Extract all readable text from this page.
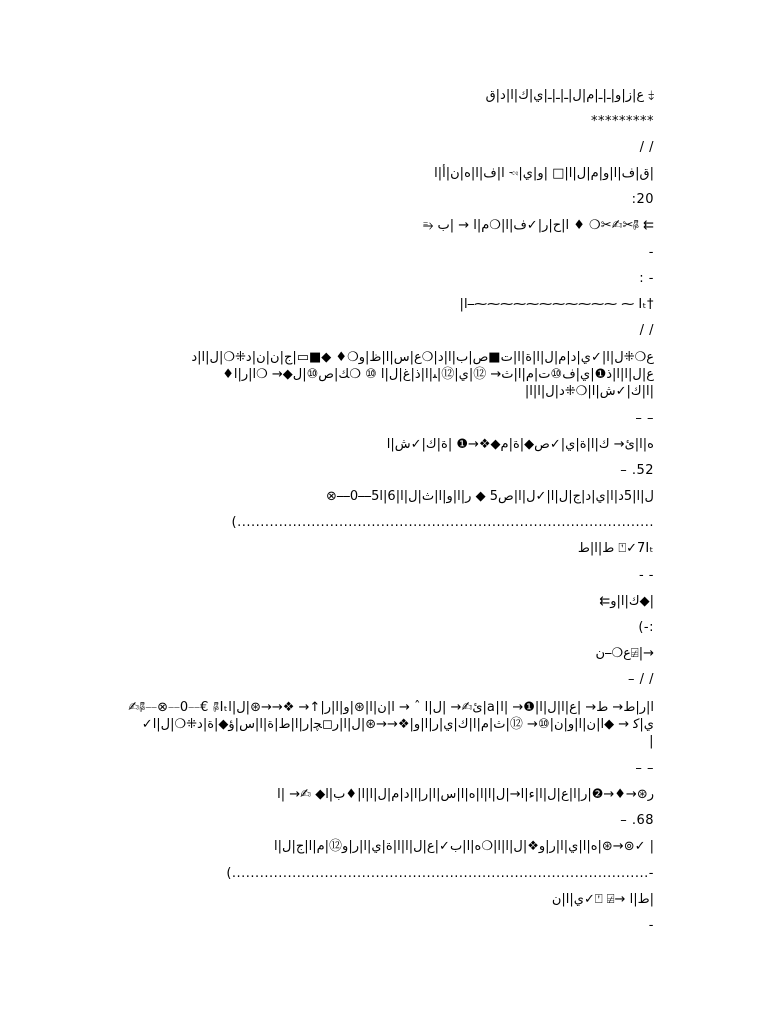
ع|ز|و|ـ|ـ|م|ل|ـ|ـ|ـ|ي|ك|ا|د|ق ⤈
*********
/ /
ق|ف|ا|و|م|ل|ا|□ |و|ي|🖘 ا|ف|ا|ه|ن|أ|ا|
:20
⥱ ا|ح|ر|✓ف|ا|❍م|ا → |ب ♦ ❍✂✍✂🖗 ⇇
-
: -
|ا⎯⁓⁓⁓⁓⁓⁓⁓⁓⁓⁓⁓ ⁓ Iₜ†
/ /
ﻉ❍⁜ل|ا|✓ي|د|م|ل|ا|ة|ا|ت■ص|ب|ا|د|❍ع|س|ا|ظ|و❍♦ ◆■▭|ج|ن|ن|د⁜❍|ل|ا|د
♦ع|ل|ا|ا|ذ❶|ي|ف⑩ت|م|ا|ث→ ⑫|ي|⑫|ﯩ|ا|ذ|غ|ل|ا ⑩ ❍ﻚ|ص⑩|ل◆→ ❍ا|ر|ا
|ا|ك|✓ش|ا|❍⁜د|ل|ا|ا|
– –
ه|ا|ئ→ ك|ا|ة|ي|✓ص◆|ة|م◆❖→❶ |ة|ك|✓ش|ا
– .52
⊗⎯⎯0⎯⎯5ل|ا|5د|ا|ي|د|ج|ل|ا|✓ل|ا|ص5 ◆ ر|ا|و|ا|ث|ل|ا|6|ا
(..........................................................................................
ط|ا|ط ⍞✓7Iₜ
- -
⇇ك|ا|و◆|
(-:
ﻉ❍⎯ن⍯|→
– / /
✍🖗⎯⎯⊗⎯⎯0⎯⎯€ 🖗Iₜﺉ✍→ |ل|ا ˆ → ا|ن|ا|⊛|و|ا|ر|↑→ ❖→→⊛|ل|ا|a|ا|ر|ط→ ط→ |ع|ا|ل|ا|❶→ |ا
✓ي|ﮐ → ◆ا|ن|ا|و|ن|⑩→ ⑫|ث|م|ا|ك|ي|ر|ا|و|❖→→⊛|ل|ا|ر◻ﭽ|ر|ا|ط|ة|ا|س|ؤ◆|ة|د⁜❍|ل|ا
|
– –
ر⊛→♦→❷|ر|ا|ع|ل|ا|ء|ا→|ل|ا|ا|ه|ا|س|ا|ر|ا|د|م|ل|ا|ا|♦ب|ا◆ ✍→ |ا
– .68
ه|ا|ي|ا|ر|و❖|ل|ا|ا|❍ه|ا|ب✓|ع|ل|ا|ا|ة|ي|ا|ر|و⑫|م|ا|ج|ل|ا|⊛→⊚✓ |
(..........................................................................................-
ي|ا|ن✓⍞ ⍯→ ط|ا|
-
